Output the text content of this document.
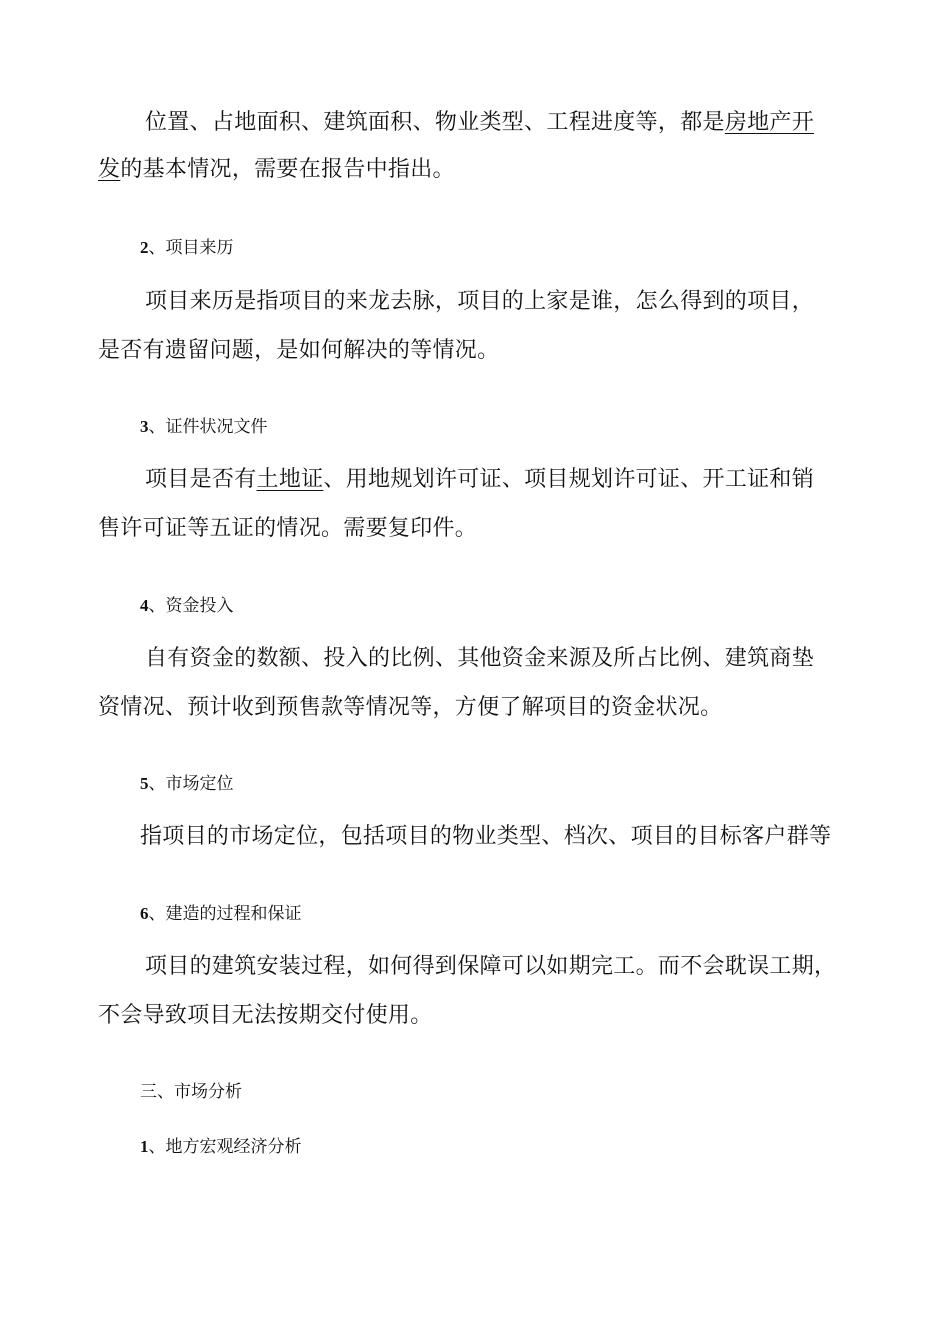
位置、占地面积、建筑面积、物业类型、工程进度等，都是房地产开
发的基本情况，需要在报告中指出。
2、项目来历
项目来历是指项目的来龙去脉，项目的上家是谁，怎么得到的项目，
是否有遗留问题，是如何解决的等情况。
3、证件状况文件
项目是否有土地证、用地规划许可证、项目规划许可证、开工证和销
售许可证等五证的情况。需要复印件。
4、资金投入
自有资金的数额、投入的比例、其他资金来源及所占比例、建筑商垫
资情况、预计收到预售款等情况等，方便了解项目的资金状况。
5、市场定位
指项目的市场定位，包括项目的物业类型、档次、项目的目标客户群等
6、建造的过程和保证
项目的建筑安装过程，如何得到保障可以如期完工。而不会耽误工期，
不会导致项目无法按期交付使用。
三、市场分析
1、地方宏观经济分析
